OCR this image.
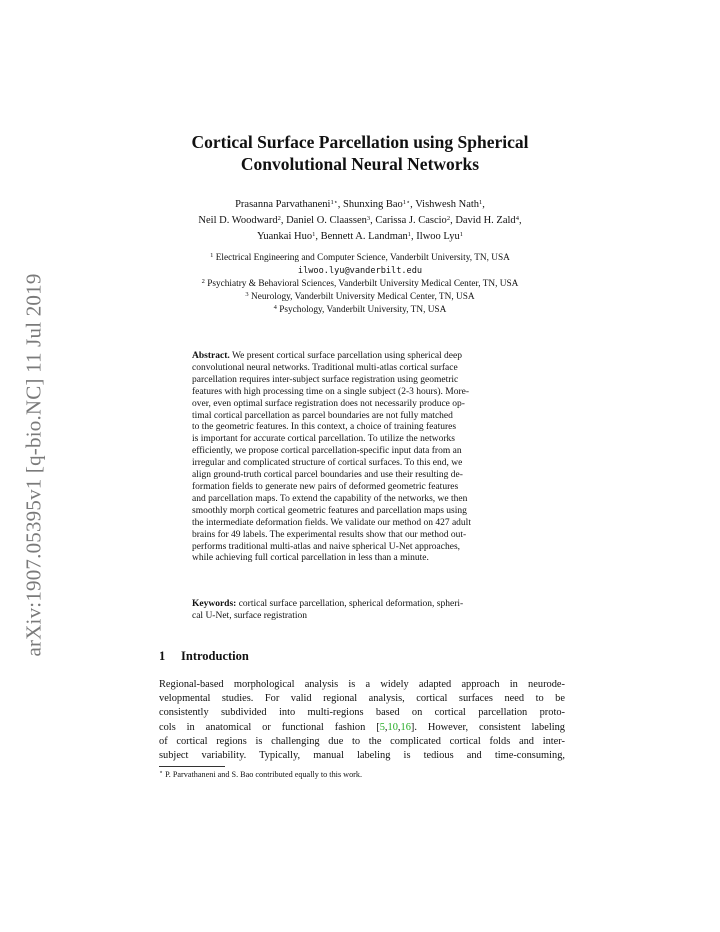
arXiv:1907.05395v1 [q-bio.NC] 11 Jul 2019
Cortical Surface Parcellation using Spherical
Convolutional Neural Networks
Prasanna Parvathaneni$^{1⋆}$, Shunxing Bao$^{1⋆}$, Vishwesh Nath$^1$,
Neil D. Woodward$^2$, Daniel O. Claassen$^3$, Carissa J. Cascio$^2$, David H. Zald$^4$,
Yuankai Huo$^1$, Bennett A. Landman$^1$, Ilwoo Lyu$^1$
$^1$ Electrical Engineering and Computer Science, Vanderbilt University, TN, USA
ilwoo.lyu@vanderbilt.edu
$^2$ Psychiatry & Behavioral Sciences, Vanderbilt University Medical Center, TN, USA
$^3$ Neurology, Vanderbilt University Medical Center, TN, USA
$^4$ Psychology, Vanderbilt University, TN, USA
Abstract. We present cortical surface parcellation using spherical deep
convolutional neural networks. Traditional multi-atlas cortical surface
parcellation requires inter-subject surface registration using geometric
features with high processing time on a single subject (2-3 hours). More-
over, even optimal surface registration does not necessarily produce op-
timal cortical parcellation as parcel boundaries are not fully matched
to the geometric features. In this context, a choice of training features
is important for accurate cortical parcellation. To utilize the networks
efficiently, we propose cortical parcellation-specific input data from an
irregular and complicated structure of cortical surfaces. To this end, we
align ground-truth cortical parcel boundaries and use their resulting de-
formation fields to generate new pairs of deformed geometric features
and parcellation maps. To extend the capability of the networks, we then
smoothly morph cortical geometric features and parcellation maps using
the intermediate deformation fields. We validate our method on 427 adult
brains for 49 labels. The experimental results show that our method out-
performs traditional multi-atlas and naive spherical U-Net approaches,
while achieving full cortical parcellation in less than a minute.
Keywords: cortical surface parcellation, spherical deformation, spheri-
cal U-Net, surface registration
1 Introduction
Regional-based morphological analysis is a widely adapted approach in neurode-
velopmental studies. For valid regional analysis, cortical surfaces need to be
consistently subdivided into multi-regions based on cortical parcellation proto-
cols in anatomical or functional fashion [5,10,16]. However, consistent labeling
of cortical regions is challenging due to the complicated cortical folds and inter-
subject variability. Typically, manual labeling is tedious and time-consuming,
⋆ P. Parvathaneni and S. Bao contributed equally to this work.
